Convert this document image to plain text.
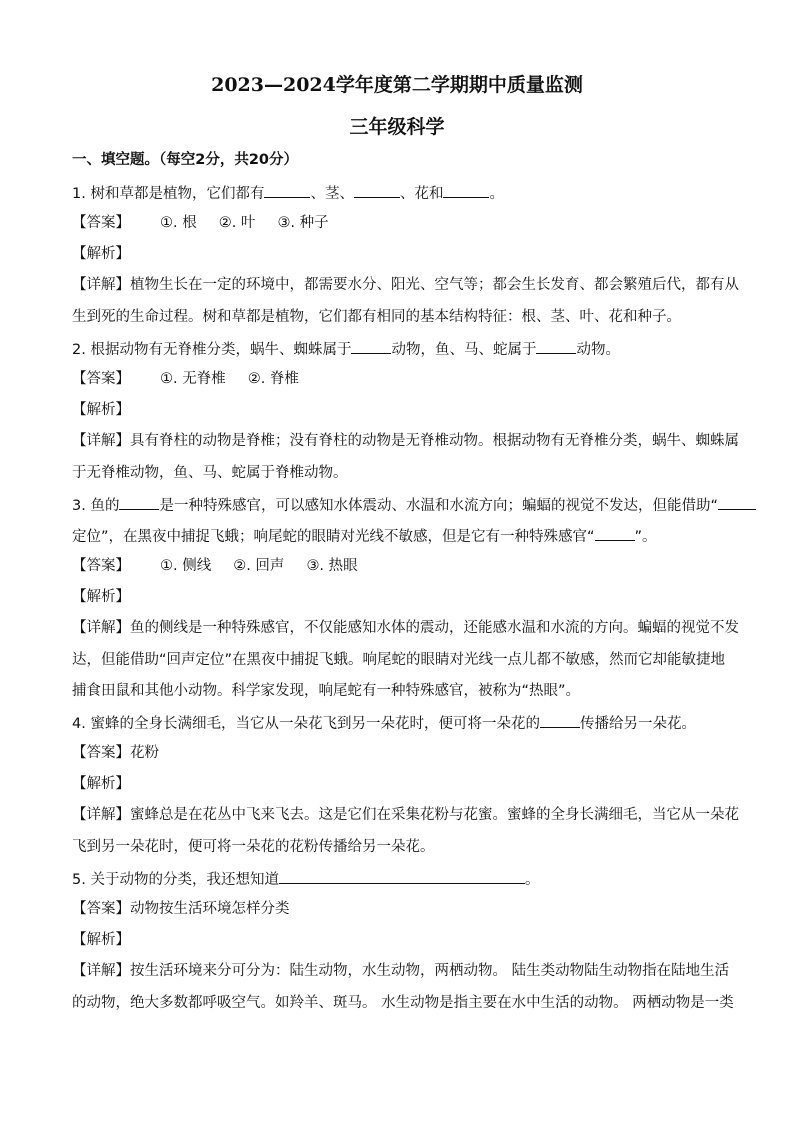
2023—2024学年度第二学期期中质量监测
三年级科学
一、填空题。（每空2分，共20分）
1. 树和草都是植物，它们都有	、茎、	、花和	。
【答案】 ①. 根 ②. 叶 ③. 种子
【解析】
【详解】植物生长在一定的环境中，都需要水分、阳光、空气等；都会生长发育、都会繁殖后代，都有从
生到死的生命过程。树和草都是植物，它们都有相同的基本结构特征：根、茎、叶、花和种子。
2. 根据动物有无脊椎分类，蜗牛、蜘蛛属于	动物，鱼、马、蛇属于	动物。
【答案】 ①. 无脊椎 ②. 脊椎
【解析】
【详解】具有脊柱的动物是脊椎；没有脊柱的动物是无脊椎动物。根据动物有无脊椎分类，蜗牛、蜘蛛属
于无脊椎动物，鱼、马、蛇属于脊椎动物。
3. 鱼的	是一种特殊感官，可以感知水体震动、水温和水流方向；蝙蝠的视觉不发达，但能借助“
定位”，在黑夜中捕捉飞蛾；响尾蛇的眼睛对光线不敏感，但是它有一种特殊感官“	”。
【答案】 ①. 侧线 ②. 回声 ③. 热眼
【解析】
【详解】鱼的侧线是一种特殊感官，不仅能感知水体的震动，还能感水温和水流的方向。蝙蝠的视觉不发
达，但能借助“回声定位”在黑夜中捕捉飞蛾。响尾蛇的眼睛对光线一点儿都不敏感，然而它却能敏捷地
捕食田鼠和其他小动物。科学家发现，响尾蛇有一种特殊感官，被称为“热眼”。
4. 蜜蜂的全身长满细毛，当它从一朵花飞到另一朵花时，便可将一朵花的	传播给另一朵花。
【答案】花粉
【解析】
【详解】蜜蜂总是在花丛中飞来飞去。这是它们在采集花粉与花蜜。蜜蜂的全身长满细毛，当它从一朵花
飞到另一朵花时，便可将一朵花的花粉传播给另一朵花。
5. 关于动物的分类，我还想知道	。
【答案】动物按生活环境怎样分类
【解析】
【详解】按生活环境来分可分为：陆生动物，水生动物，两栖动物。 陆生类动物陆生动物指在陆地生活
的动物，绝大多数都呼吸空气。如羚羊、斑马。 水生动物是指主要在水中生活的动物。 两栖动物是一类
